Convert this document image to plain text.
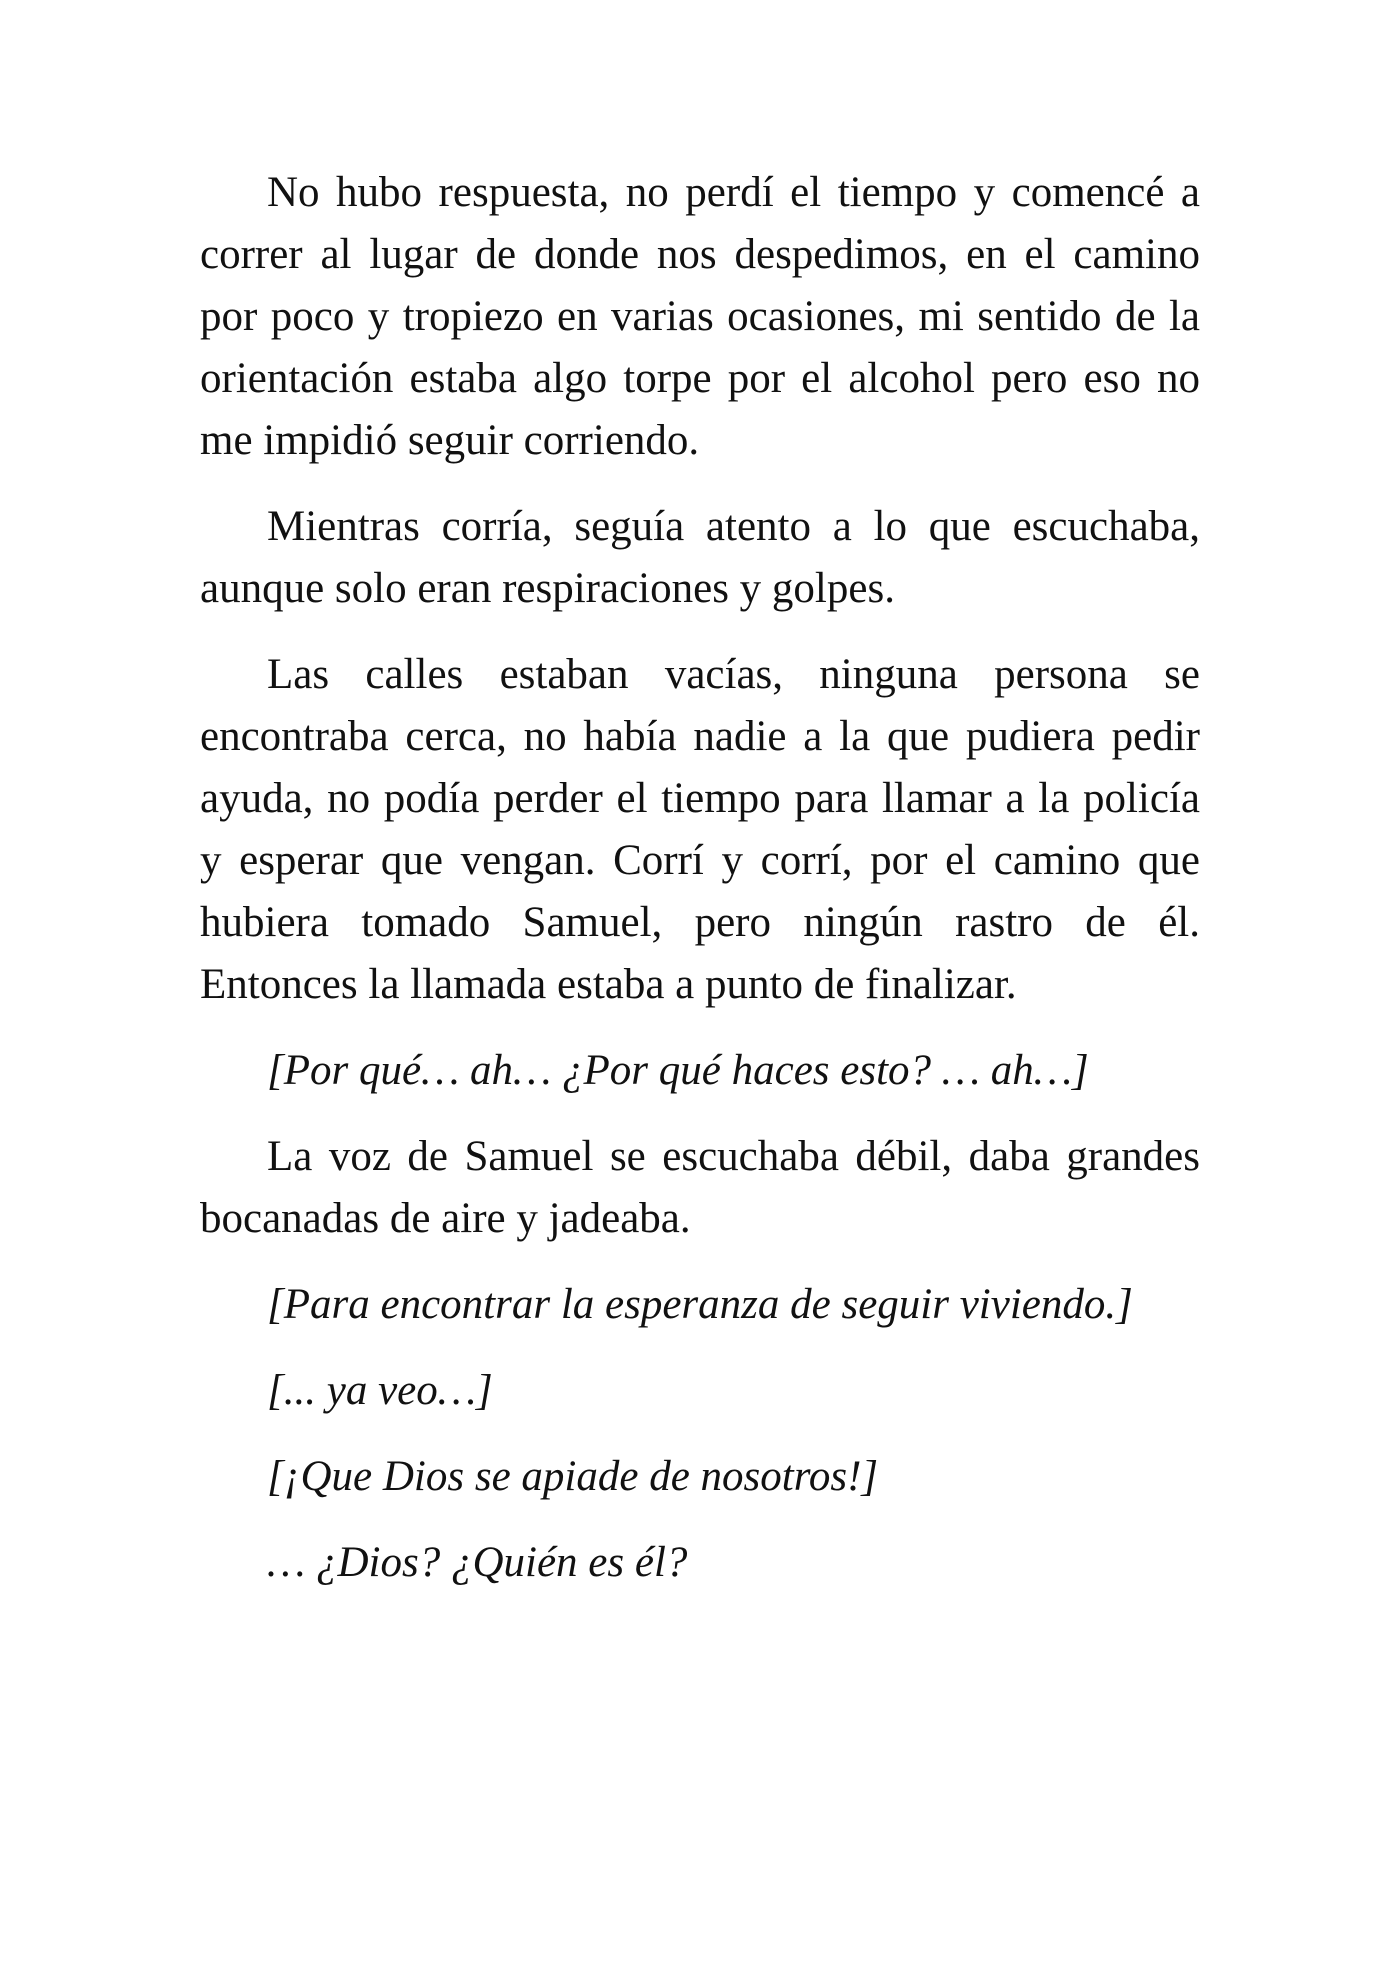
No hubo respuesta, no perdí el tiempo y comencé a correr al lugar de donde nos despedimos, en el camino por poco y tropiezo en varias ocasiones, mi sentido de la orientación estaba algo torpe por el alcohol pero eso no me impidió seguir corriendo.

Mientras corría, seguía atento a lo que escuchaba, aunque solo eran respiraciones y golpes.

Las calles estaban vacías, ninguna persona se encontraba cerca, no había nadie a la que pudiera pedir ayuda, no podía perder el tiempo para llamar a la policía y esperar que vengan. Corrí y corrí, por el camino que hubiera tomado Samuel, pero ningún rastro de él. Entonces la llamada estaba a punto de finalizar.

[Por qué… ah… ¿Por qué haces esto? … ah…]

La voz de Samuel se escuchaba débil, daba grandes bocanadas de aire y jadeaba.

[Para encontrar la esperanza de seguir viviendo.]

[... ya veo…]

[¡Que Dios se apiade de nosotros!]

… ¿Dios? ¿Quién es él?
